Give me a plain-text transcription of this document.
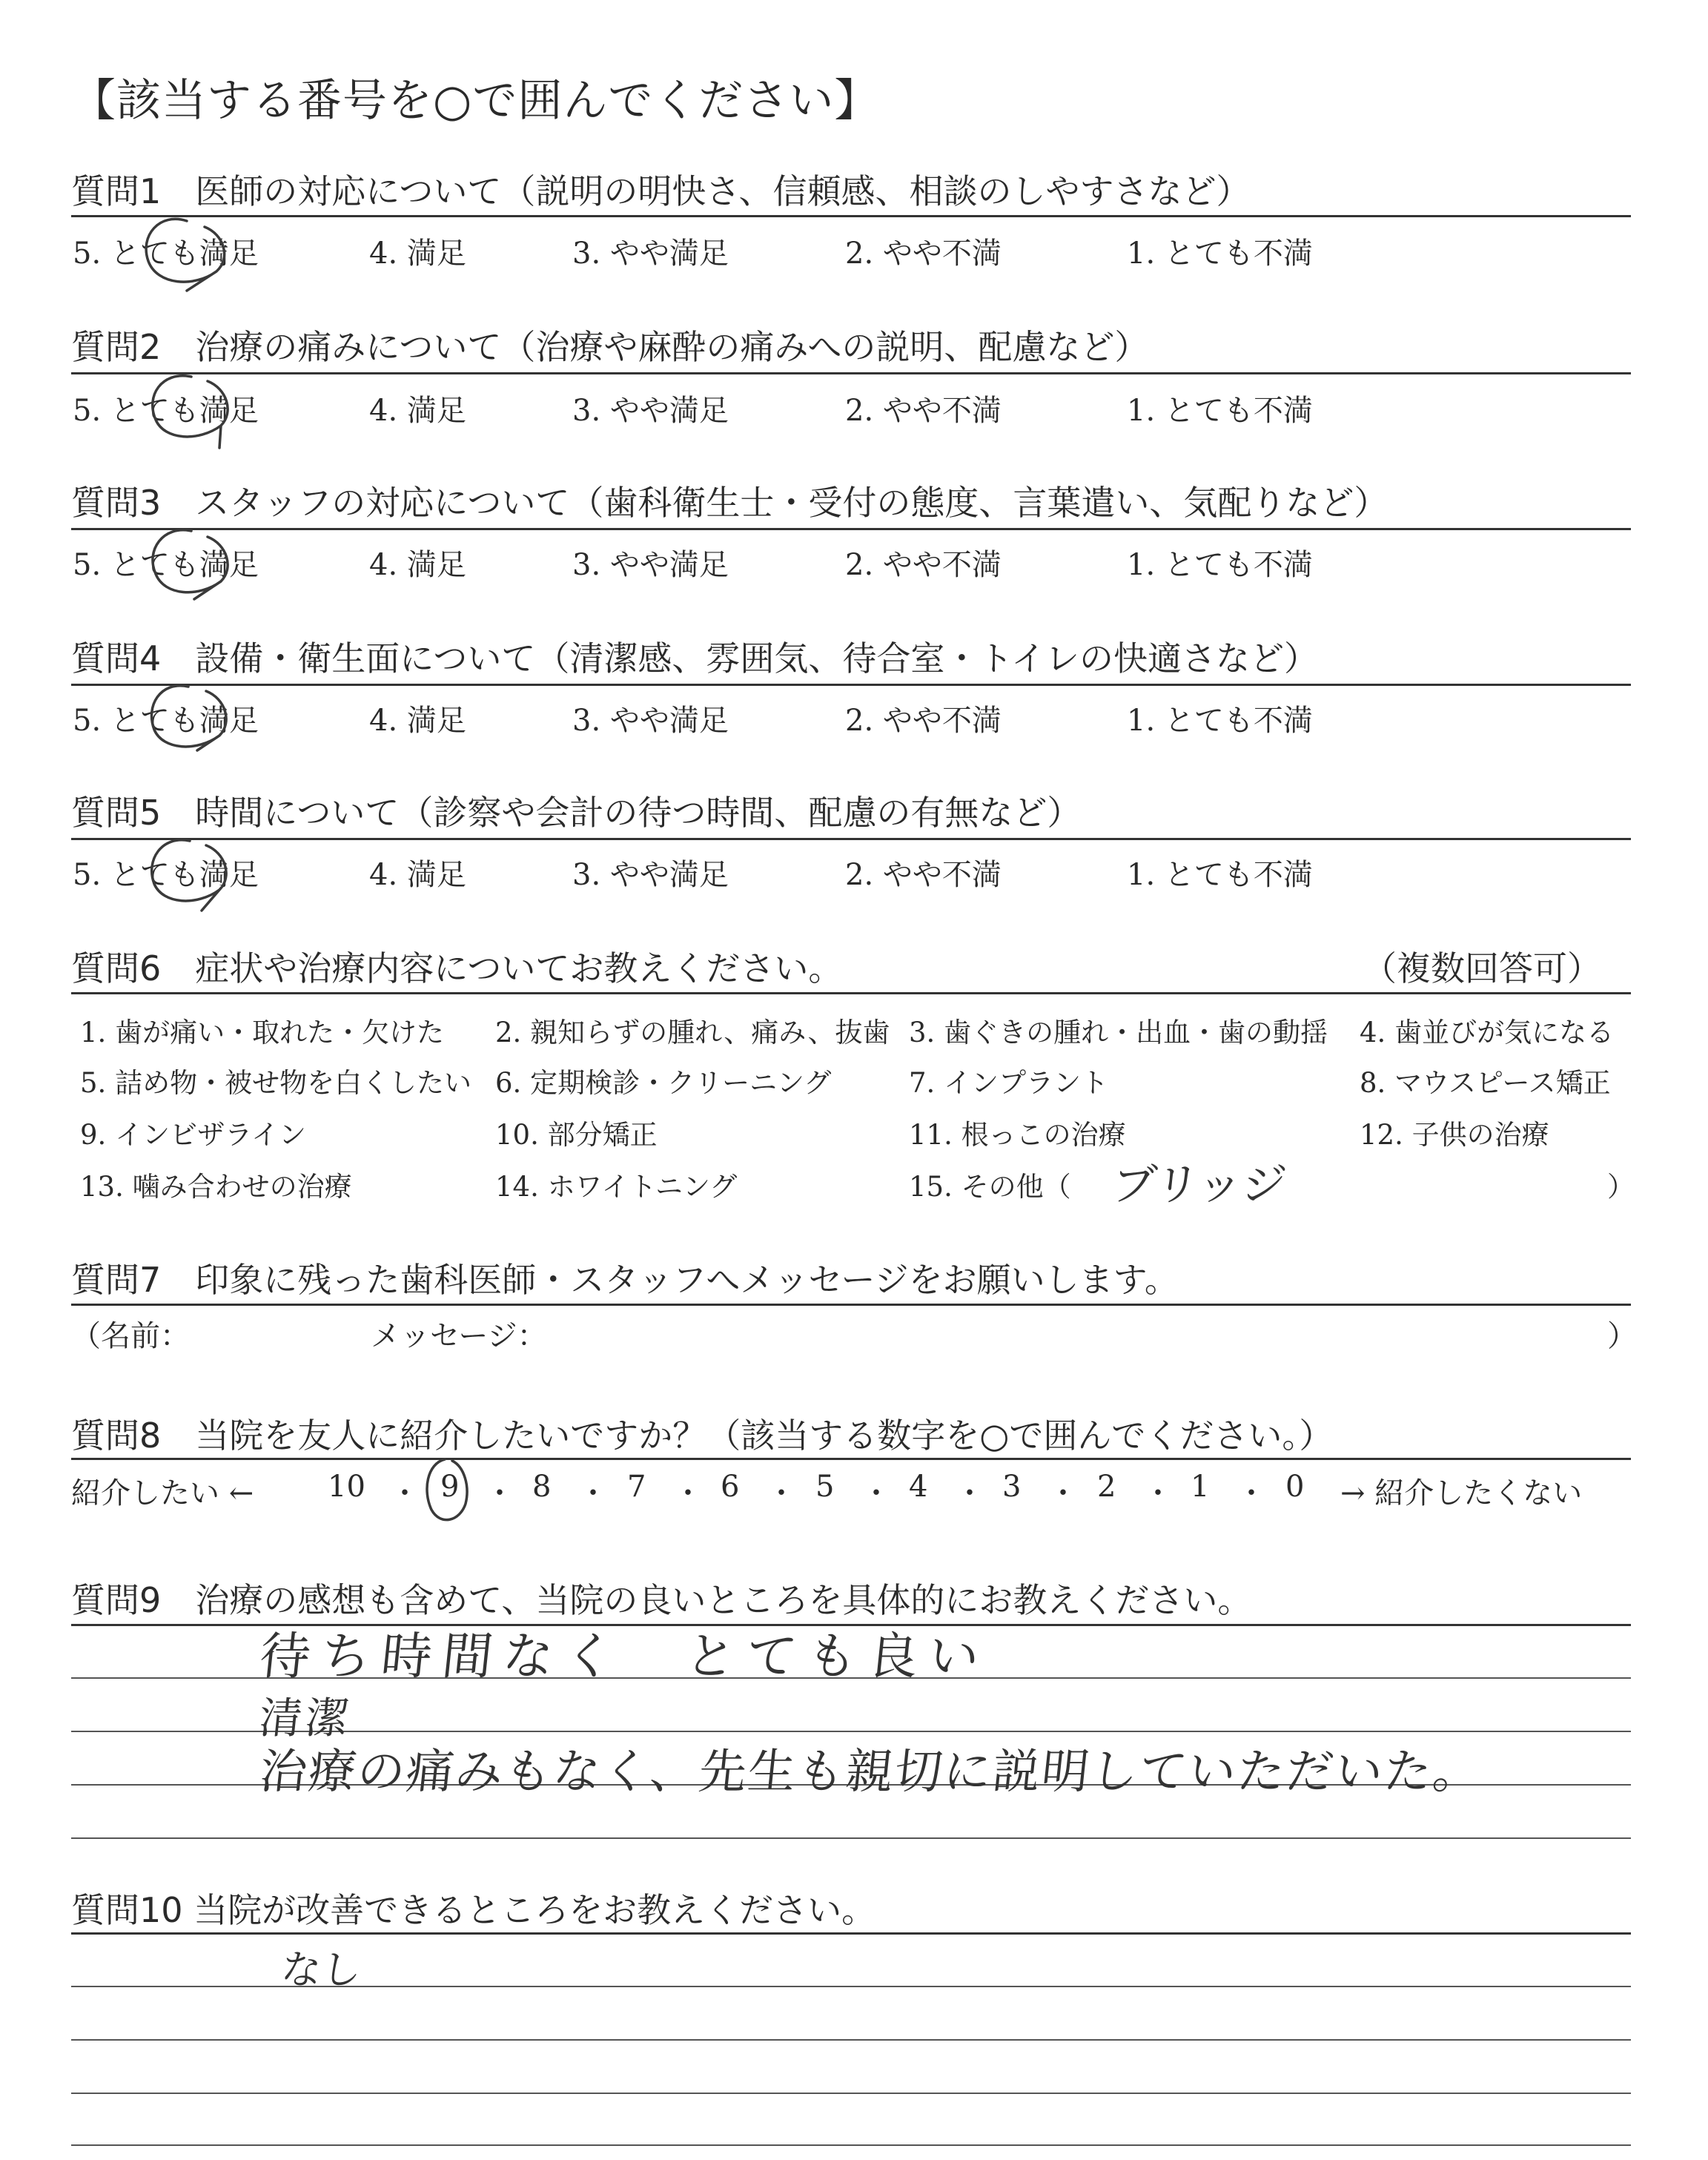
【該当する番号を○で囲んでください】
質問1　医師の対応について（説明の明快さ、信頼感、相談のしやすさなど）
5. とても満足	4. 満足	3. やや満足	2. やや不満	1. とても不満
質問2　治療の痛みについて（治療や麻酔の痛みへの説明、配慮など）
5. とても満足	4. 満足	3. やや満足	2. やや不満	1. とても不満
質問3　スタッフの対応について（歯科衛生士・受付の態度、言葉遣い、気配りなど）
5. とても満足	4. 満足	3. やや満足	2. やや不満	1. とても不満
質問4　設備・衛生面について（清潔感、雰囲気、待合室・トイレの快適さなど）
5. とても満足	4. 満足	3. やや満足	2. やや不満	1. とても不満
質問5　時間について（診察や会計の待つ時間、配慮の有無など）
5. とても満足	4. 満足	3. やや満足	2. やや不満	1. とても不満
質問6　症状や治療内容についてお教えください。	（複数回答可）
1. 歯が痛い・取れた・欠けた 2. 親知らずの腫れ、痛み、抜歯 3. 歯ぐきの腫れ・出血・歯の動揺 4. 歯並びが気になる
5. 詰め物・被せ物を白くしたい 6. 定期検診・クリーニング	7. インプラント	8. マウスピース矯正
9. インビザライン	10. 部分矯正	11. 根っこの治療	12. 子供の治療
13. 噛み合わせの治療	14. ホワイトニング	15. その他（ ブリッジ	）
質問7　印象に残った歯科医師・スタッフへメッセージをお願いします。
（名前：	メッセージ：	）
質問8　当院を友人に紹介したいですか？（該当する数字を○で囲んでください。）
紹介したい ← 10 ・ 9 ・ 8 ・ 7 ・ 6 ・ 5 ・ 4 ・ 3 ・ 2 ・ 1 ・ 0 → 紹介したくない
質問9　治療の感想も含めて、当院の良いところを具体的にお教えください。
待ち時間なく　とても良い
清潔
治療の痛みもなく、先生も親切に説明していただいた。
質問10 当院が改善できるところをお教えください。
なし
